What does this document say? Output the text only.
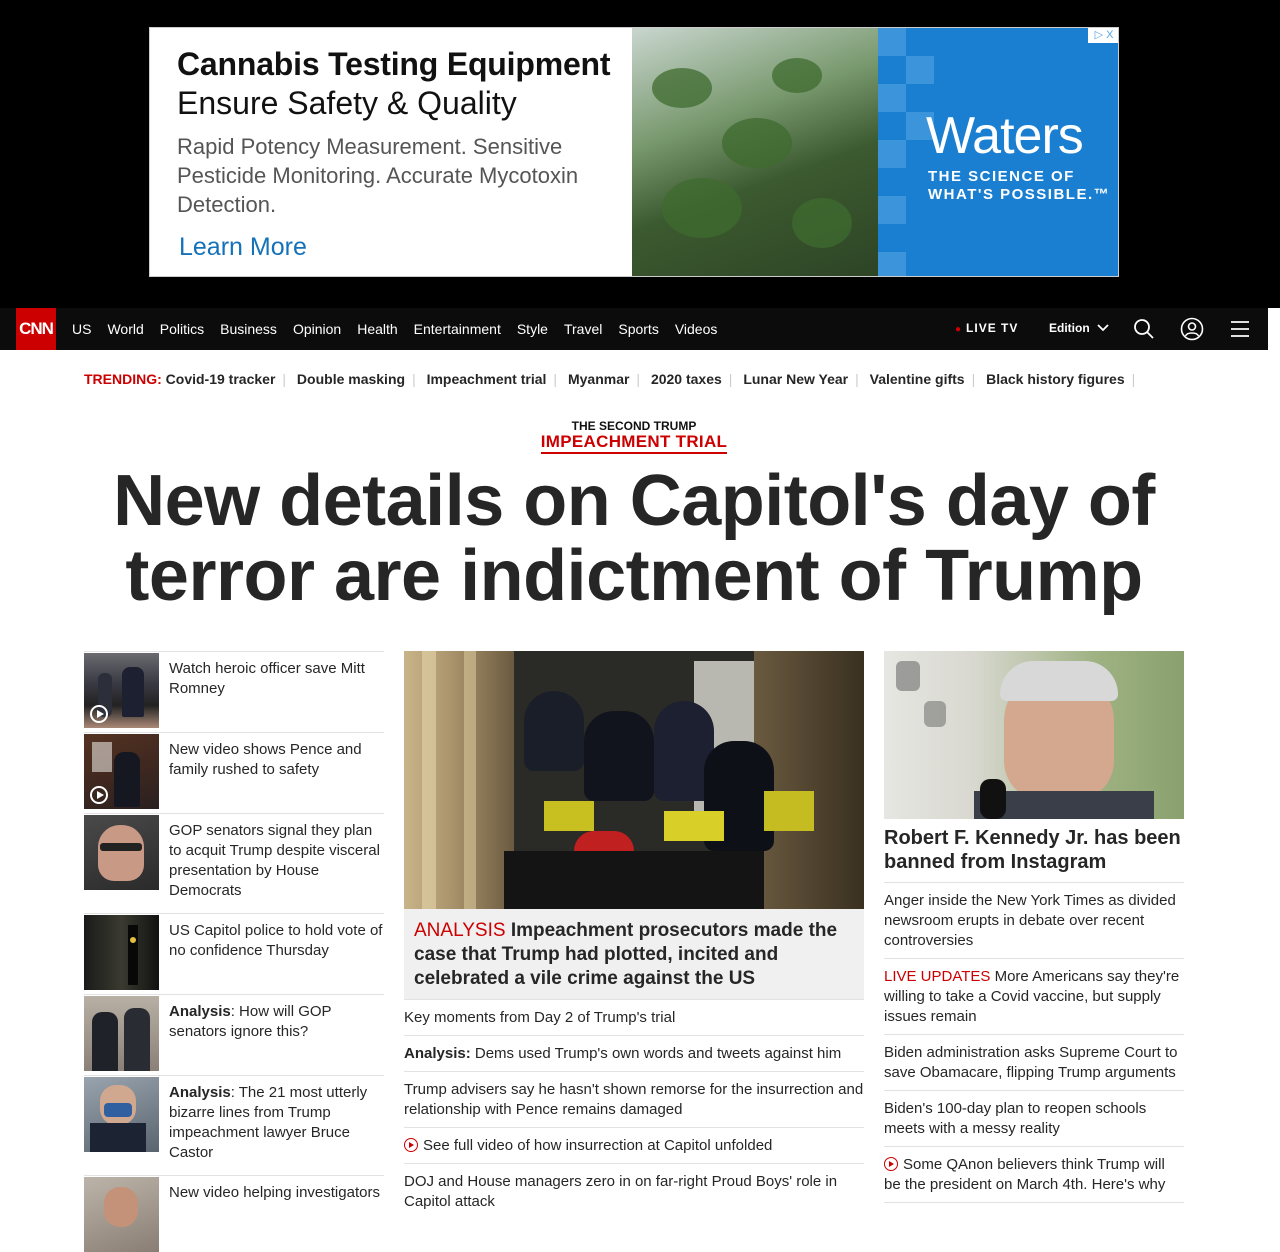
Cannabis Testing Equipment
Ensure Safety & Quality
Rapid Potency Measurement. Sensitive Pesticide Monitoring. Accurate Mycotoxin Detection.
Learn More
Waters
THE SCIENCE OF
WHAT'S POSSIBLE.™
▷ X
CNN US World Politics Business Opinion Health Entertainment Style Travel Sports Videos	● LIVE TV	Edition
TRENDING: Covid-19 tracker | Double masking | Impeachment trial | Myanmar | 2020 taxes | Lunar New Year | Valentine gifts | Black history figures |
THE SECOND TRUMP
IMPEACHMENT TRIAL
New details on Capitol's day of terror are indictment of Trump
Watch heroic officer save Mitt Romney
New video shows Pence and family rushed to safety
GOP senators signal they plan to acquit Trump despite visceral presentation by House Democrats
US Capitol police to hold vote of no confidence Thursday
Analysis: How will GOP senators ignore this?
Analysis: The 21 most utterly bizarre lines from Trump impeachment lawyer Bruce Castor
New video helping investigators
ANALYSIS Impeachment prosecutors made the case that Trump had plotted, incited and celebrated a vile crime against the US
Key moments from Day 2 of Trump's trial
Analysis: Dems used Trump's own words and tweets against him
Trump advisers say he hasn't shown remorse for the insurrection and relationship with Pence remains damaged
See full video of how insurrection at Capitol unfolded
DOJ and House managers zero in on far-right Proud Boys' role in Capitol attack
Robert F. Kennedy Jr. has been banned from Instagram
Anger inside the New York Times as divided newsroom erupts in debate over recent controversies
LIVE UPDATES More Americans say they're willing to take a Covid vaccine, but supply issues remain
Biden administration asks Supreme Court to save Obamacare, flipping Trump arguments
Biden's 100-day plan to reopen schools meets with a messy reality
Some QAnon believers think Trump will be the president on March 4th. Here's why
